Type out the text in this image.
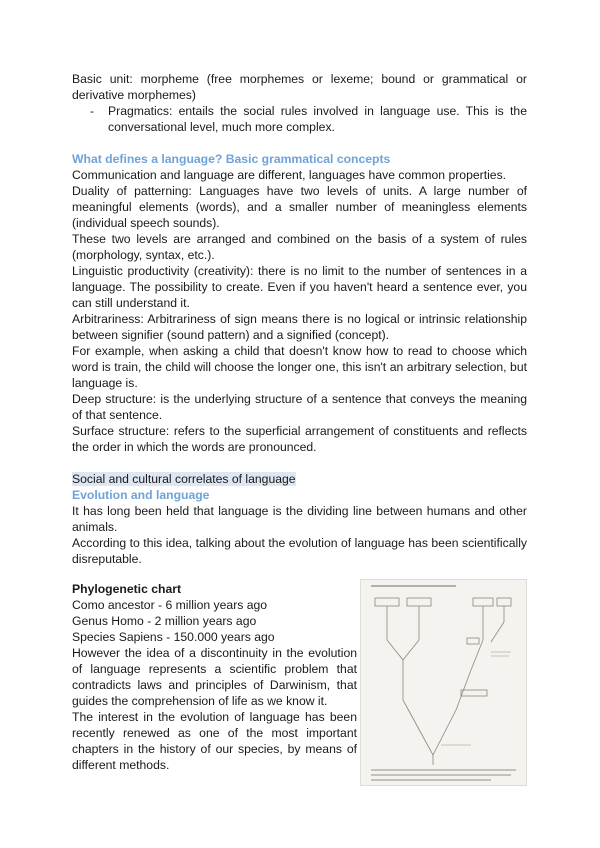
Basic unit: morpheme (free morphemes or lexeme; bound or grammatical or derivative morphemes)

-	Pragmatics: entails the social rules involved in language use. This is the conversational level, much more complex.

What defines a language? Basic grammatical concepts

Communication and language are different, languages have common properties.

Duality of patterning: Languages have two levels of units. A large number of meaningful elements (words), and a smaller number of meaningless elements (individual speech sounds).

These two levels are arranged and combined on the basis of a system of rules (morphology, syntax, etc.).

Linguistic productivity (creativity): there is no limit to the number of sentences in a language. The possibility to create. Even if you haven't heard a sentence ever, you can still understand it.

Arbitrariness: Arbitrariness of sign means there is no logical or intrinsic relationship between signifier (sound pattern) and a signified (concept).

For example, when asking a child that doesn't know how to read to choose which word is train, the child will choose the longer one, this isn't an arbitrary selection, but language is.

Deep structure: is the underlying structure of a sentence that conveys the meaning of that sentence.

Surface structure: refers to the superficial arrangement of constituents and reflects the order in which the words are pronounced.

Social and cultural correlates of language

Evolution and language

It has long been held that language is the dividing line between humans and other animals.

According to this idea, talking about the evolution of language has been scientifically disreputable.

Phylogenetic chart

Como ancestor - 6 million years ago

Genus Homo - 2 million years ago

Species Sapiens - 150.000 years ago

However the idea of a discontinuity in the evolution of language represents a scientific problem that contradicts laws and principles of Darwinism, that guides the comprehension of life as we know it.

The interest in the evolution of language has been recently renewed as one of the most important chapters in the history of our species, by means of different methods.
